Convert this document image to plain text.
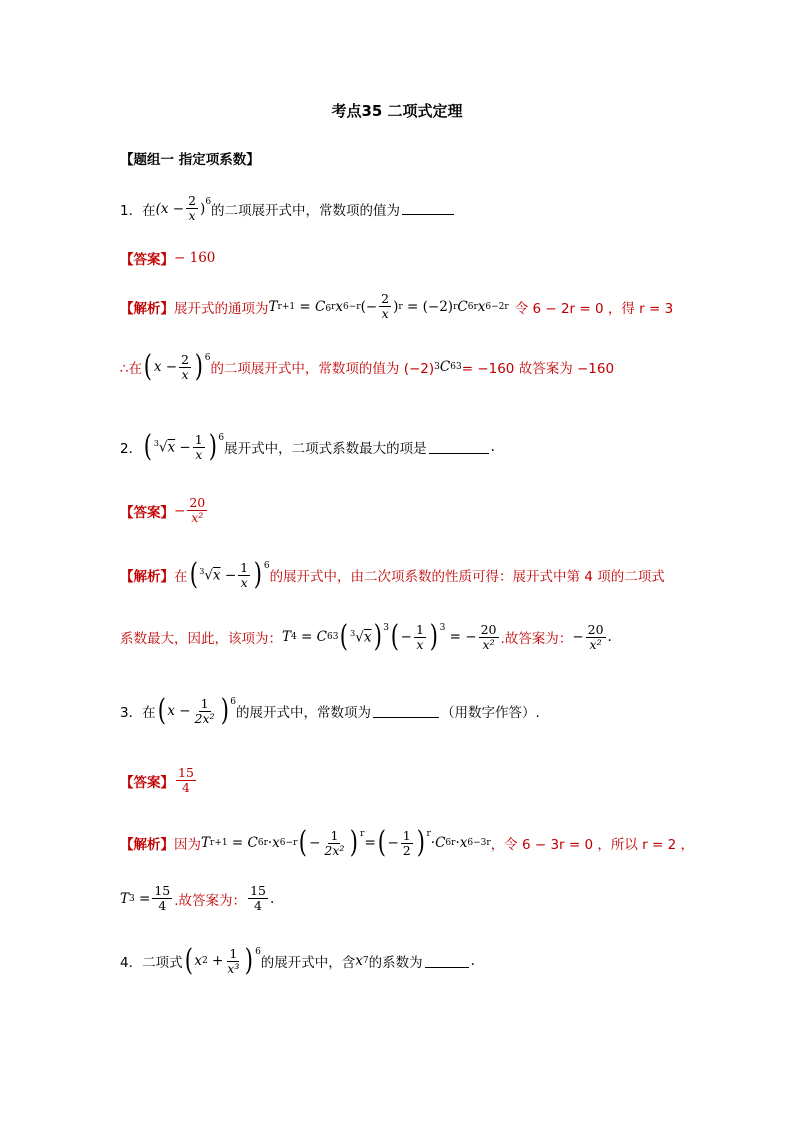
考点35 二项式定理
【题组一 指定项系数】
1．在 ($x - \frac{2}{x}$ ) 6
的二项展开式中，常数项的值为
【答案】 − 160
【解析】 展开式的通项为 T r+1
= C 6 r x 6−r (− $\frac{2}{x}$ ) r
= (−2) r C 6 r x 6−2r 令 6 − 2r = 0 ，得 r = 3
∴在 ( $x - \frac{2}{x}$ ) 6
的二项展开式中，常数项的值为 (−2) 3 C 6 3 = −160 故答案为 −160
2． ( $^3√x - \frac{1}{x}$ ) 6
展开式中，二项式系数最大的项是	.
【答案】 − $\frac{20}{\text{x²}}$
【解析】 在 ( $^3√x - \frac{1}{x}$ ) 6
的展开式中，由二次项系数的性质可得：展开式中第 4 项的二项式
系数最大，因此，该项为： T 4 = C 6 3 ( $^3$√x ) 3 ( − $\frac{1}{x}$ ) 3
= − $\frac{20}{\text{x²}}$ .故答案为： − $\frac{20}{\text{x²}}$ .
3．在 ( $x - \frac{1}{\text{2x²}}$ ) 6
的展开式中，常数项为	（用数字作答）.
【答案】 $\frac{15}{4}$
【解析】 因为 T r+1 = C 6 r · x 6−r ( − $\frac{1}{\text{2x²}}$ ) r
= ( − $\frac{1}{2}$ ) r
· C 6 r · x 6−3r ，令 6 − 3r = 0 ，所以 r = 2 ，
T $3 = \frac{15}{4}$ .故答案为： $\frac{15}{4}$ .
4．二项式 ( x $2 + \frac{1}{\text{x³}}$ ) 6
的展开式中，含 x 7 的系数为	.
